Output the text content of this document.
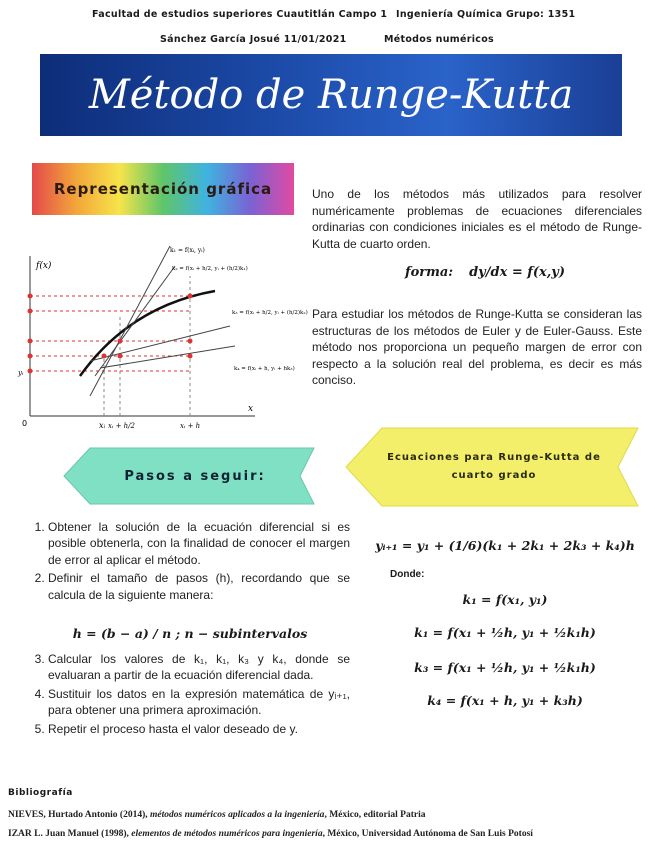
Facultad de estudios superiores Cuautitlán Campo 1 Ingeniería Química Grupo: 1351
Sánchez García Josué 11/01/2021	Métodos numéricos
Método de Runge-Kutta
Representación gráfica
f(x)
x
0	xᵢ xᵢ + h/2	xᵢ + h
yᵢ
k₁ = f(xᵢ, yᵢ)
k₂ = f(xᵢ + h/2, yᵢ + (h/2)k₁)
k₃ = f(xᵢ + h/2, yᵢ + (h/2)k₂)
k₄ = f(xᵢ + h, yᵢ + hk₃)
Uno de los métodos más utilizados para resolver numéricamente problemas de ecuaciones diferenciales ordinarias con condiciones iniciales es el método de Runge-Kutta de cuarto orden.
forma: dy/dx = f(x,y)
Para estudiar los métodos de Runge-Kutta se consideran las estructuras de los métodos de Euler y de Euler-Gauss. Este método nos proporciona un pequeño margen de error con respecto a la solución real del problema, es decir es más conciso.
Pasos a seguir:
Ecuaciones para Runge-Kutta de
cuarto grado
1. Obtener la solución de la ecuación diferencial si es posible obtenerla, con la finalidad de conocer el margen de error al aplicar el método.
2. Definir el tamaño de pasos (h), recordando que se calcula de la siguiente manera:
h = (b − a) / n ; n − subintervalos
3. Calcular los valores de k₁, k₁, k₃ y k₄, donde se evaluaran a partir de la ecuación diferencial dada.
4. Sustituir los datos en la expresión matemática de yᵢ₊₁, para obtener una primera aproximación.
5. Repetir el proceso hasta el valor deseado de y.
yᵢ₊₁ = y₁ + (1/6)(k₁ + 2k₁ + 2k₃ + k₄)h
Donde:
k₁ = f(x₁, y₁)
k₁ = f(x₁ + ½h, y₁ + ½k₁h)
k₃ = f(x₁ + ½h, y₁ + ½k₁h)
k₄ = f(x₁ + h, y₁ + k₃h)
Bibliografía
NIEVES, Hurtado Antonio (2014), métodos numéricos aplicados a la ingeniería, México, editorial Patria
IZAR L. Juan Manuel (1998), elementos de métodos numéricos para ingeniería, México, Universidad Autónoma de San Luis Potosí
